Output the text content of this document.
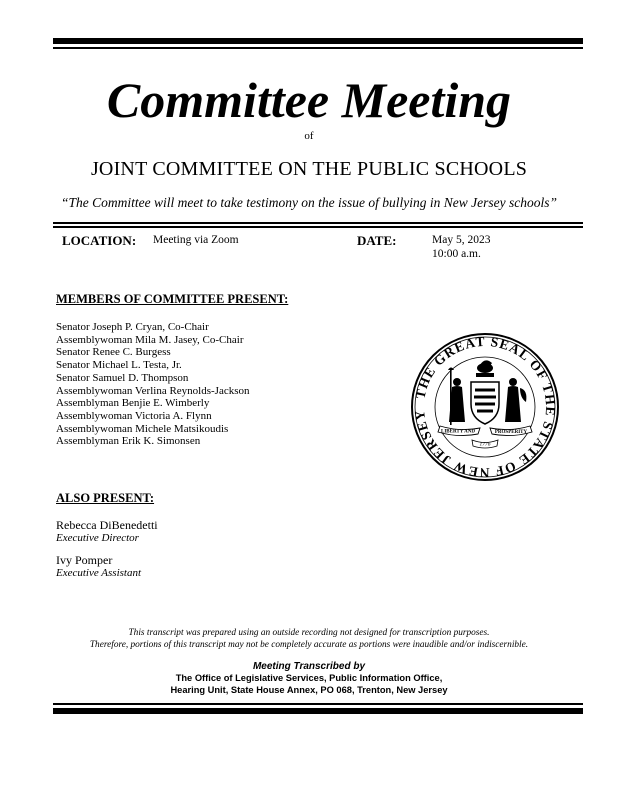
Committee Meeting
of
JOINT COMMITTEE ON THE PUBLIC SCHOOLS
“The Committee will meet to take testimony on the issue of bullying in New Jersey schools”
LOCATION: Meeting via Zoom	DATE:	May 5, 2023
10:00 a.m.
MEMBERS OF COMMITTEE PRESENT:
Senator Joseph P. Cryan, Co-Chair
Assemblywoman Mila M. Jasey, Co-Chair
Senator Renee C. Burgess
Senator Michael L. Testa, Jr.
Senator Samuel D. Thompson
Assemblywoman Verlina Reynolds-Jackson
Assemblyman Benjie E. Wimberly
Assemblywoman Victoria A. Flynn
Assemblywoman Michele Matsikoudis
Assemblyman Erik K. Simonsen
THE GREAT SEAL OF THE STATE OF NEW JERSEY
LIBERTY AND	PROSPERITY
1776
ALSO PRESENT:
Rebecca DiBenedetti
Executive Director
Ivy Pomper
Executive Assistant
This transcript was prepared using an outside recording not designed for transcription purposes.
Therefore, portions of this transcript may not be completely accurate as portions were inaudible and/or indiscernible.
Meeting Transcribed by
The Office of Legislative Services, Public Information Office,
Hearing Unit, State House Annex, PO 068, Trenton, New Jersey
